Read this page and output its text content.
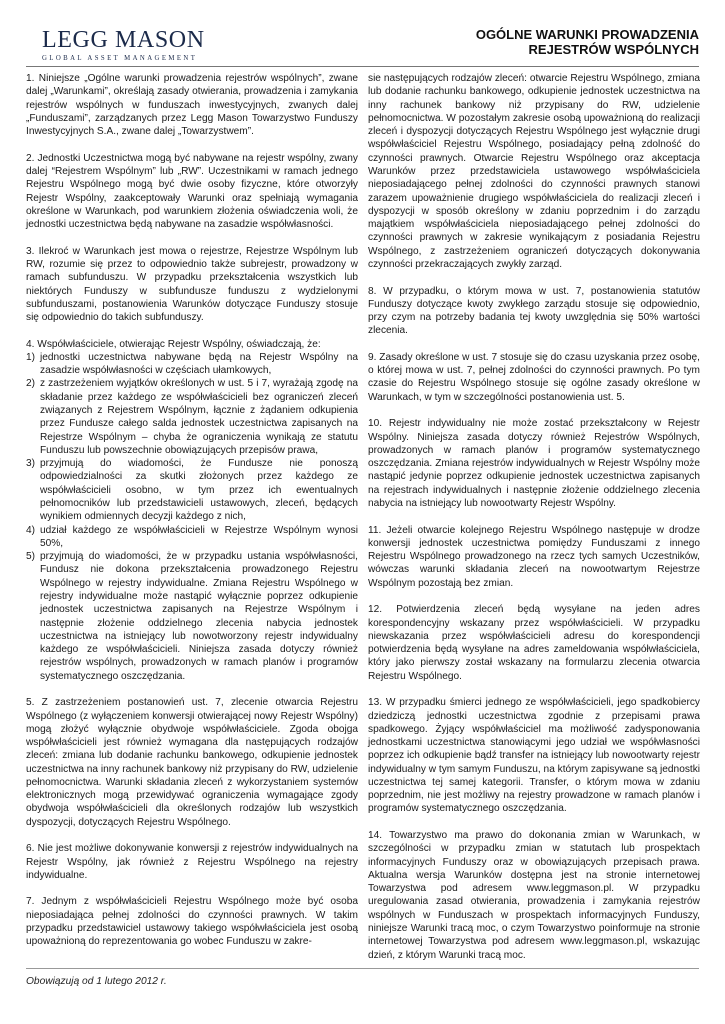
LEGG MASON
GLOBAL ASSET MANAGEMENT
OGÓLNE WARUNKI PROWADZENIA
REJESTRÓW WSPÓLNYCH

1. Niniejsze „Ogólne warunki prowadzenia rejestrów wspólnych”, zwane dalej „Warunkami”, określają zasady otwierania, prowadzenia i zamykania rejestrów wspólnych w funduszach inwestycyjnych, zwanych dalej „Funduszami”, zarządzanych przez Legg Mason Towarzystwo Funduszy Inwestycyjnych S.A., zwane dalej „Towarzystwem”.

2. Jednostki Uczestnictwa mogą być nabywane na rejestr wspólny, zwany dalej “Rejestrem Wspólnym” lub „RW”. Uczestnikami w ramach jednego Rejestru Wspólnego mogą być dwie osoby fizyczne, które otworzyły Rejestr Wspólny, zaakceptowały Warunki oraz spełniają wymagania określone w Warunkach, pod warunkiem złożenia oświadczenia woli, że jednostki uczestnictwa będą nabywane na zasadzie współwłasności.

3. Ilekroć w Warunkach jest mowa o rejestrze, Rejestrze Wspólnym lub RW, rozumie się przez to odpowiednio także subrejestr, prowadzony w ramach subfunduszu. W przypadku przekształcenia wszystkich lub niektórych Funduszy w subfundusze funduszu z wydzielonymi subfunduszami, postanowienia Warunków dotyczące Funduszy stosuje się odpowiednio do takich subfunduszy.

4. Współwłaściciele, otwierając Rejestr Wspólny, oświadczają, że:

1) jednostki uczestnictwa nabywane będą na Rejestr Wspólny na zasadzie współwłasności w częściach ułamkowych,
2) z zastrzeżeniem wyjątków określonych w ust. 5 i 7, wyrażają zgodę na składanie przez każdego ze współwłaścicieli bez ograniczeń zleceń związanych z Rejestrem Wspólnym, łącznie z żądaniem odkupienia przez Fundusze całego salda jednostek uczestnictwa zapisanych na Rejestrze Wspólnym – chyba że ograniczenia wynikają ze statutu Funduszu lub powszechnie obowiązujących przepisów prawa,
3) przyjmują do wiadomości, że Fundusze nie ponoszą odpowiedzialności za skutki złożonych przez każdego ze współwłaścicieli osobno, w tym przez ich ewentualnych pełnomocników lub przedstawicieli ustawowych, zleceń, będących wynikiem odmiennych decyzji każdego z nich,
4) udział każdego ze współwłaścicieli w Rejestrze Wspólnym wynosi 50%,
5) przyjmują do wiadomości, że w przypadku ustania współwłasności, Fundusz nie dokona przekształcenia prowadzonego Rejestru Wspólnego w rejestry indywidualne. Zmiana Rejestru Wspólnego w rejestry indywidualne może nastąpić wyłącznie poprzez odkupienie jednostek uczestnictwa zapisanych na Rejestrze Wspólnym i następnie złożenie oddzielnego zlecenia nabycia jednostek uczestnictwa na istniejący lub nowotworzony rejestr indywidualny każdego ze współwłaścicieli. Niniejsza zasada dotyczy również rejestrów wspólnych, prowadzonych w ramach planów i programów systematycznego oszczędzania.

5. Z zastrzeżeniem postanowień ust. 7, zlecenie otwarcia Rejestru Wspólnego (z wyłączeniem konwersji otwierającej nowy Rejestr Wspólny) mogą złożyć wyłącznie obydwoje współwłaściciele. Zgoda obojga współwłaścicieli jest również wymagana dla następujących rodzajów zleceń: zmiana lub dodanie rachunku bankowego, odkupienie jednostek uczestnictwa na inny rachunek bankowy niż przypisany do RW, udzielenie pełnomocnictwa. Warunki składania zleceń z wykorzystaniem systemów elektronicznych mogą przewidywać ograniczenia wymagające zgody obydwoja współwłaścicieli dla określonych rodzajów lub wszystkich dyspozycji, dotyczących Rejestru Wspólnego.

6. Nie jest możliwe dokonywanie konwersji z rejestrów indywidualnych na Rejestr Wspólny, jak również z Rejestru Wspólnego na rejestry indywidualne.

7. Jednym z współwłaścicieli Rejestru Wspólnego może być osoba nieposiadająca pełnej zdolności do czynności prawnych. W takim przypadku przedstawiciel ustawowy takiego współwłaściciela jest osobą upoważnioną do reprezentowania go wobec Funduszu w zakre-

sie następujących rodzajów zleceń: otwarcie Rejestru Wspólnego, zmiana lub dodanie rachunku bankowego, odkupienie jednostek uczestnictwa na inny rachunek bankowy niż przypisany do RW, udzielenie pełnomocnictwa. W pozostałym zakresie osobą upoważnioną do realizacji zleceń i dyspozycji dotyczących Rejestru Wspólnego jest wyłącznie drugi współwłaściciel Rejestru Wspólnego, posiadający pełną zdolność do czynności prawnych. Otwarcie Rejestru Wspólnego oraz akceptacja Warunków przez przedstawiciela ustawowego współwłaściciela nieposiadającego pełnej zdolności do czynności prawnych stanowi zarazem upoważnienie drugiego współwłaściciela do realizacji zleceń i dyspozycji w sposób określony w zdaniu poprzednim i do zarządu majątkiem współwłaściciela nieposiadającego pełnej zdolności do czynności prawnych w zakresie wynikającym z posiadania Rejestru Wspólnego, z zastrzeżeniem ograniczeń dotyczących dokonywania czynności przekraczających zwykły zarząd.

8. W przypadku, o którym mowa w ust. 7, postanowienia statutów Funduszy dotyczące kwoty zwykłego zarządu stosuje się odpowiednio, przy czym na potrzeby badania tej kwoty uwzględnia się 50% wartości zlecenia.

9. Zasady określone w ust. 7 stosuje się do czasu uzyskania przez osobę, o której mowa w ust. 7, pełnej zdolności do czynności prawnych. Po tym czasie do Rejestru Wspólnego stosuje się ogólne zasady określone w Warunkach, w tym w szczególności postanowienia ust. 5.

10. Rejestr indywidualny nie może zostać przekształcony w Rejestr Wspólny. Niniejsza zasada dotyczy również Rejestrów Wspólnych, prowadzonych w ramach planów i programów systematycznego oszczędzania. Zmiana rejestrów indywidualnych w Rejestr Wspólny może nastąpić jedynie poprzez odkupienie jednostek uczestnictwa zapisanych na rejestrach indywidualnych i następnie złożenie oddzielnego zlecenia nabycia na istniejący lub nowootwarty Rejestr Wspólny.

11. Jeżeli otwarcie kolejnego Rejestru Wspólnego następuje w drodze konwersji jednostek uczestnictwa pomiędzy Funduszami z innego Rejestru Wspólnego prowadzonego na rzecz tych samych Uczestników, wówczas warunki składania zleceń na nowootwartym Rejestrze Wspólnym pozostają bez zmian.

12. Potwierdzenia zleceń będą wysyłane na jeden adres korespondencyjny wskazany przez współwłaścicieli. W przypadku niewskazania przez współwłaścicieli adresu do korespondencji potwierdzenia będą wysyłane na adres zameldowania współwłaściciela, który jako pierwszy został wskazany na formularzu zlecenia otwarcia Rejestru Wspólnego.

13. W przypadku śmierci jednego ze współwłaścicieli, jego spadkobiercy dziedziczą jednostki uczestnictwa zgodnie z przepisami prawa spadkowego. Żyjący współwłaściciel ma możliwość zadysponowania jednostkami uczestnictwa stanowiącymi jego udział we współwłasności poprzez ich odkupienie bądź transfer na istniejący lub nowootwarty rejestr indywidualny w tym samym Funduszu, na którym zapisywane są jednostki uczestnictwa tej samej kategorii. Transfer, o którym mowa w zdaniu poprzednim, nie jest możliwy na rejestry prowadzone w ramach planów i programów systematycznego oszczędzania.

14. Towarzystwo ma prawo do dokonania zmian w Warunkach, w szczególności w przypadku zmian w statutach lub prospektach informacyjnych Funduszy oraz w obowiązujących przepisach prawa. Aktualna wersja Warunków dostępna jest na stronie internetowej Towarzystwa pod adresem www.leggmason.pl. W przypadku uregulowania zasad otwierania, prowadzenia i zamykania rejestrów wspólnych w Funduszach w prospektach informacyjnych Funduszy, niniejsze Warunki tracą moc, o czym Towarzystwo poinformuje na stronie internetowej Towarzystwa pod adresem www.leggmason.pl, wskazując dzień, z którym Warunki tracą moc.

Obowiązują od 1 lutego 2012 r.
